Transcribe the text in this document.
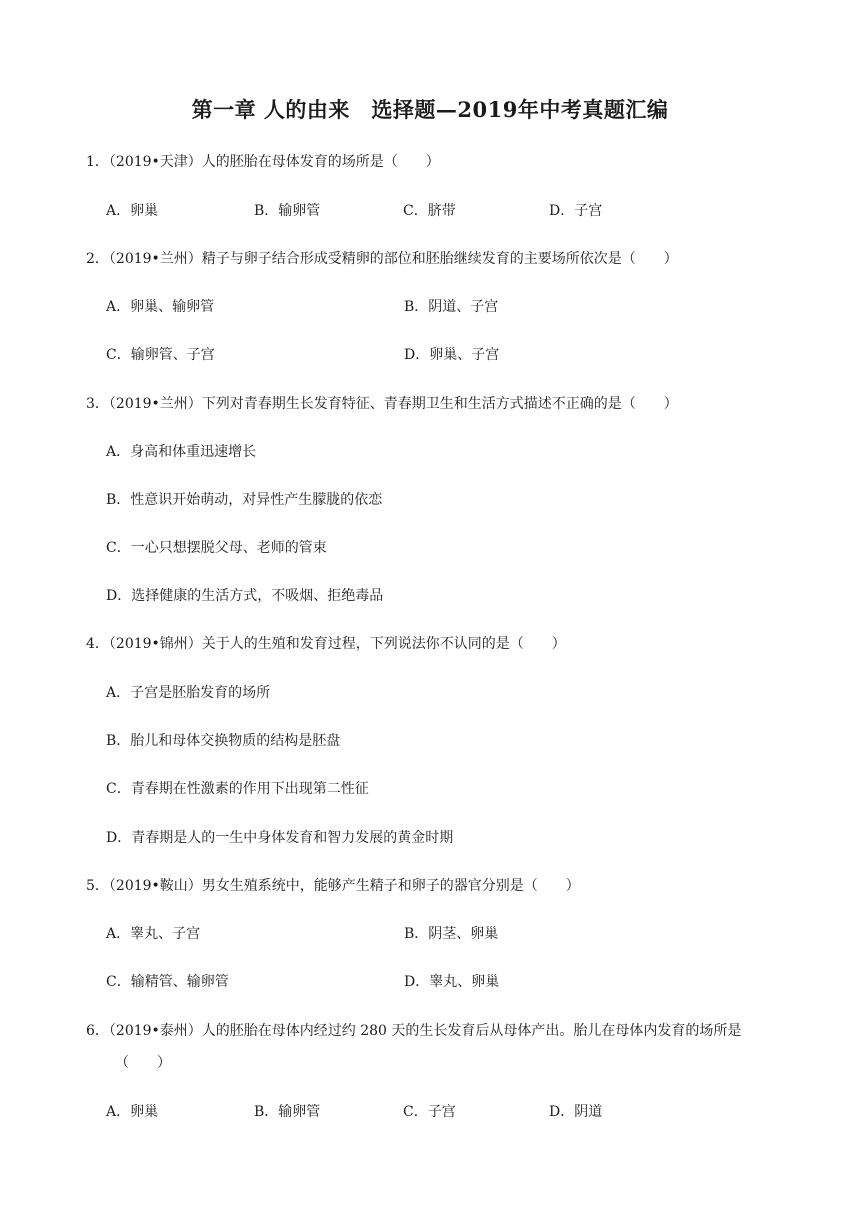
第一章 人的由来　选择题—2019年中考真题汇编
1．（2019•天津）人的胚胎在母体发育的场所是（　　）
A．卵巢	B．输卵管	C．脐带	D．子宫
2．（2019•兰州）精子与卵子结合形成受精卵的部位和胚胎继续发育的主要场所依次是（　　）
A．卵巢、输卵管	B．阴道、子宫
C．输卵管、子宫	D．卵巢、子宫
3．（2019•兰州）下列对青春期生长发育特征、青春期卫生和生活方式描述不正确的是（　　）
A．身高和体重迅速增长
B．性意识开始萌动，对异性产生朦胧的依恋
C．一心只想摆脱父母、老师的管束
D．选择健康的生活方式，不吸烟、拒绝毒品
4．（2019•锦州）关于人的生殖和发育过程，下列说法你不认同的是（　　）
A．子宫是胚胎发育的场所
B．胎儿和母体交换物质的结构是胚盘
C．青春期在性激素的作用下出现第二性征
D．青春期是人的一生中身体发育和智力发展的黄金时期
5．（2019•鞍山）男女生殖系统中，能够产生精子和卵子的器官分别是（　　）
A．睾丸、子宫	B．阴茎、卵巢
C．输精管、输卵管	D．睾丸、卵巢
6．（2019•泰州）人的胚胎在母体内经过约 280 天的生长发育后从母体产出。胎儿在母体内发育的场所是
（　　）
A．卵巢	B．输卵管	C．子宫	D．阴道
